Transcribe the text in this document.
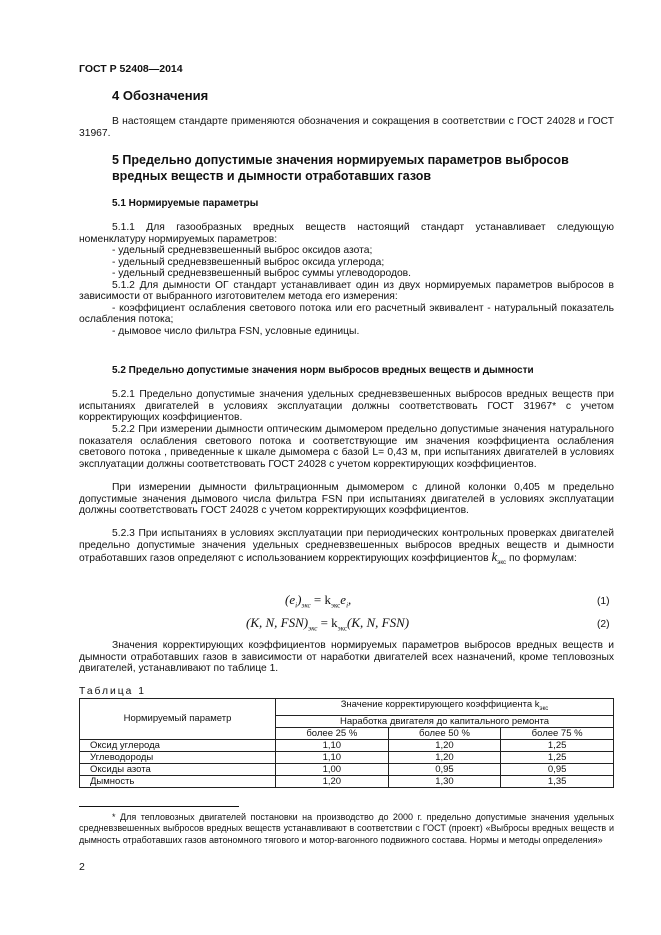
ГОСТ Р 52408—2014
4 Обозначения

В настоящем стандарте применяются обозначения и сокращения в соответствии с ГОСТ 24028 и ГОСТ 31967.

5 Предельно допустимые значения нормируемых параметров выбросов вредных веществ и дымности отработавших газов
5.1 Нормируемые параметры

5.1.1 Для газообразных вредных веществ настоящий стандарт устанавливает следующую номенклатуру нормируемых параметров:

- удельный средневзвешенный выброс оксидов азота;

- удельный средневзвешенный выброс оксида углерода;

- удельный средневзвешенный выброс суммы углеводородов.

5.1.2 Для дымности ОГ стандарт устанавливает один из двух нормируемых параметров выбросов в зависимости от выбранного изготовителем метода его измерения:

- коэффициент ослабления светового потока или его расчетный эквивалент - натуральный показатель ослабления потока;

- дымовое число фильтра FSN, условные единицы.

5.2 Предельно допустимые значения норм выбросов вредных веществ и дымности

5.2.1 Предельно допустимые значения удельных средневзвешенных выбросов вредных веществ при испытаниях двигателей в условиях эксплуатации должны соответствовать ГОСТ 31967* с учетом корректирующих коэффициентов.

5.2.2 При измерении дымности оптическим дымомером предельно допустимые значения натурального показателя ослабления светового потока и соответствующие им значения коэффициента ослабления светового потока , приведенные к шкале дымомера с базой L= 0,43 м, при испытаниях двигателей в условиях эксплуатации должны соответствовать ГОСТ 24028 с учетом корректирующих коэффициентов.

При измерении дымности фильтрационным дымомером с длиной колонки 0,405 м предельно допустимые значения дымового числа фильтра FSN при испытаниях двигателей в условиях эксплуатации должны соответствовать ГОСТ 24028 с учетом корректирующих коэффициентов.

5.2.3 При испытаниях в условиях эксплуатации при периодических контрольных проверках двигателей предельно допустимые значения удельных средневзвешенных выбросов вредных веществ и дымности отработавших газов определяют с использованием корректирующих коэффициентов $k_{экс}$ по формулам:

$(e_i)_{экс} = k_{экс}e_i$,	(1)
(K, N, $FSN)_{экс} = k_{экс}(K$, N, FSN)	(2)

Значения корректирующих коэффициентов нормируемых параметров выбросов вредных веществ и дымности отработавших газов в зависимости от наработки двигателей всех назначений, кроме тепловозных двигателей, устанавливают по таблице 1.

Таблица 1
Нормируемый параметр	Значение корректирующего коэффициента $k_{экс}$
	Наработка двигателя до капитального ремонта		
	более 25 %	более 50 %	более 75 %
Оксид углерода	1,10	1,20	1,25
Углеводороды	1,10	1,20	1,25
Оксиды азота	1,00	0,95	0,95
Дымность	1,20	1,30	1,35

* Для тепловозных двигателей постановки на производство до 2000 г. предельно допустимые значения удельных средневзвешенных выбросов вредных веществ устанавливают в соответствии с ГОСТ (проект) «Выбросы вредных веществ и дымность отработавших газов автономного тягового и мотор-вагонного подвижного состава. Нормы и методы определения»

2
